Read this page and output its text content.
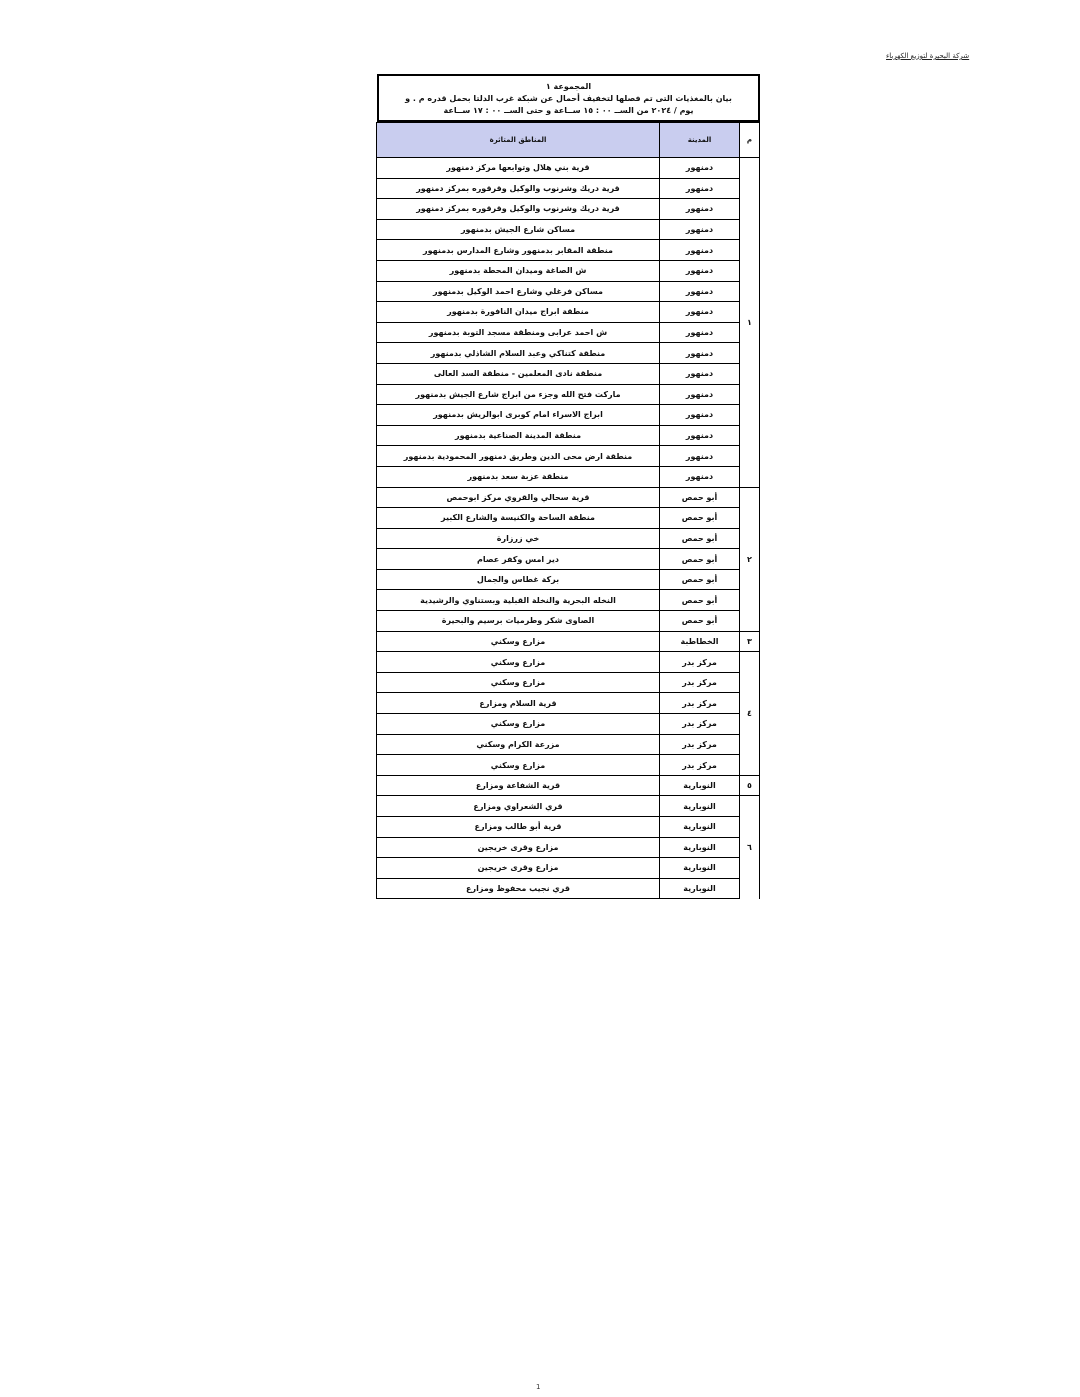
شركة البحيرة لتوزيع الكهرباء
المجموعة ١
بيان بالمغذيات التى تم فصلها لتخفيف أحمال عن شبكة غرب الدلتا بحمل قدره م . و
يوم / ٢٠٢٤ من الســ ٠٠ : ١٥ ســاعة و حتى الســ ٠٠ : ١٧ ســاعة
م	المدينة	المناطق المتاثرة
١	دمنهور	قرية بني هلال وتوابعها مركز دمنهور
	دمنهور	قرية دريك وشرنوب والوكيل وقرقوره بمركز دمنهور
	دمنهور	قرية دريك وشرنوب والوكيل وقرقوره بمركز دمنهور
	دمنهور	مساكن شارع الجيش بدمنهور
	دمنهور	منطقة المقابر بدمنهور وشارع المدارس بدمنهور
	دمنهور	ش الصاغة وميدان المحطة بدمنهور
	دمنهور	مساكن فرغلي وشارع احمد الوكيل بدمنهور
	دمنهور	منطقة ابراج ميدان النافورة بدمنهور
	دمنهور	ش احمد عرابى ومنطقة مسجد التوبة بدمنهور
	دمنهور	منطقة كتناكي وعبد السلام الشاذلي بدمنهور
	دمنهور	منطقة نادى المعلمين - منطقة السد العالى
	دمنهور	ماركت فتح الله وجزء من ابراج شارع الجيش بدمنهور
	دمنهور	ابراج الاسراء امام كوبرى ابوالريش بدمنهور
	دمنهور	منطقة المدينة الصناعية بدمنهور
	دمنهور	منطقة ارض محى الدين وطريق دمنهور المحمودية بدمنهور
	دمنهور	منطقة عزبة سعد بدمنهور
٢	أبو حمص	قرية سحالي والقروي مركز ابوحمص
	أبو حمص	منطقة الساحة والكنيسة والشارع الكبير
	أبو حمص	خي زرزارة
	أبو حمص	دير امس وكفر عصام
	أبو حمص	بركة غطاس والجمال
	أبو حمص	النخله البحرية والنخلة القبلية وبستناوي والرشيدية
	أبو حمص	الصاوى شكر وطرميات برسيم والبحيرة
٣	الخطاطبة	مزارع وسكني
٤	مركز بدر	مزارع وسكني
	مركز بدر	مزارع وسكني
	مركز بدر	قرية السلام ومزارع
	مركز بدر	مزارع وسكني
	مركز بدر	مزرعة الكرام وسكني
	مركز بدر	مزارع وسكني
٥	النوبارية	قرية الشفاعة ومزارع
٦	النوبارية	قري الشعراوي ومزارع
	النوبارية	قرية أبو طالب ومزارع
	النوبارية	مزارع وقرى خريجين
	النوبارية	مزارع وقرى خريجين
	النوبارية	قري نجيب محفوظ ومزارع
1
